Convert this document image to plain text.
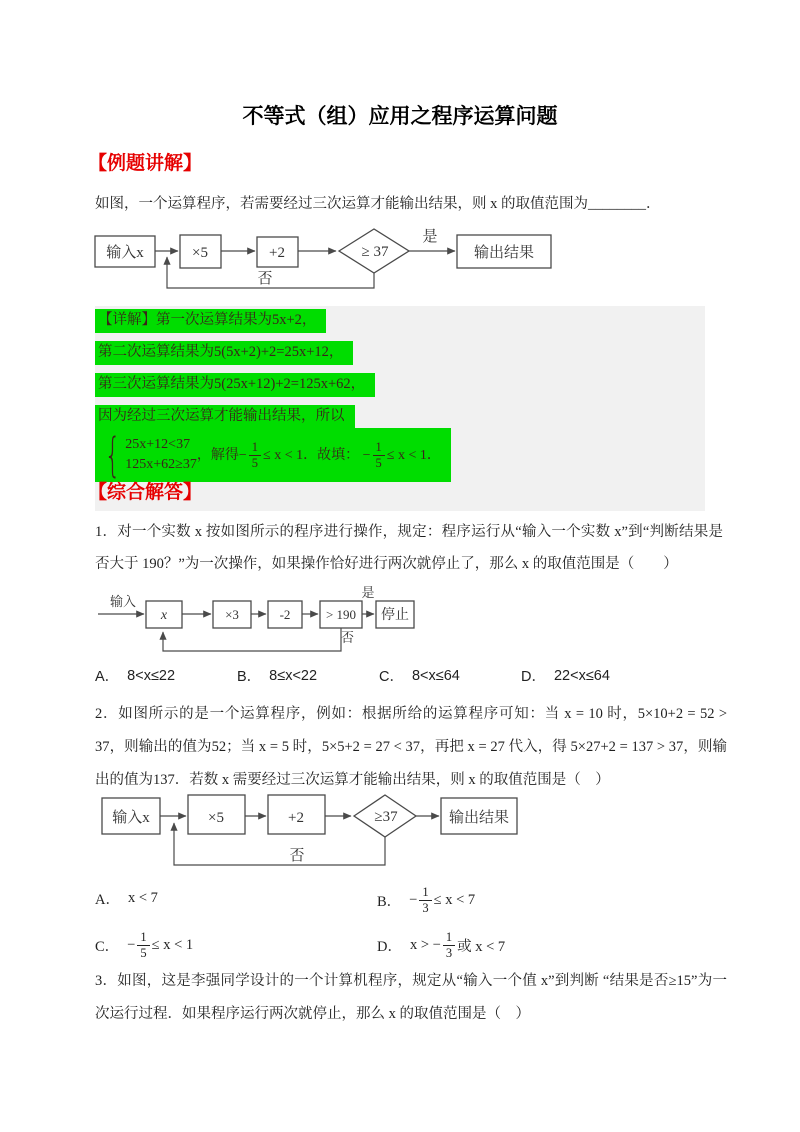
不等式（组）应用之程序运算问题
【例题讲解】
如图，一个运算程序，若需要经过三次运算才能输出结果，则 x 的取值范围为________．
输入x	×5	+2	≥ 37
是
输出结果
否
【详解】第一次运算结果为5x+2，
第二次运算结果为5(5x+2)+2=25x+12，
第三次运算结果为5(25x+12)+2=125x+62，
因为经过三次运算才能输出结果，所以
{ 25x+12<37
125x+62≥37
，解得− $\frac{1}{5} \le x < 1$．故填： − $\frac{1}{5} \le x < 1$．
【综合解答】
1．对一个实数 x 按如图所示的程序进行操作，规定：程序运行从“输入一个实数 x”到“判断结果是否大于 190？”为一次操作，如果操作恰好进行两次就停止了，那么 x 的取值范围是（　　）
输入
x	×3	-2	> 190
是
停止
否
A． 8<x≤22	B． 8≤x<22	C． 8<x≤64	D． 22<x≤64
2．如图所示的是一个运算程序，例如：根据所给的运算程序可知：当 x = 10 时，5×10+2 = 52 > 37，则输出的值为52；当 x = 5 时，5×5+2 = 27 < 37，再把 x = 27 代入，得 5×27+2 = 137 > 37，则输出的值为137．若数 x 需要经过三次运算才能输出结果，则 x 的取值范围是（　）
输入x	×5	+2	≥37	输出结果
否
A． x < 7	B． − $\frac{1}{3} \le x < 7$
C． − $\frac{1}{5} \le x < 1$	D． x > − $\frac{1}{3}$ 或 x < 7
3．如图，这是李强同学设计的一个计算机程序，规定从“输入一个值 x”到判断 “结果是否≥15”为一次运行过程．如果程序运行两次就停止，那么 x 的取值范围是（　）
